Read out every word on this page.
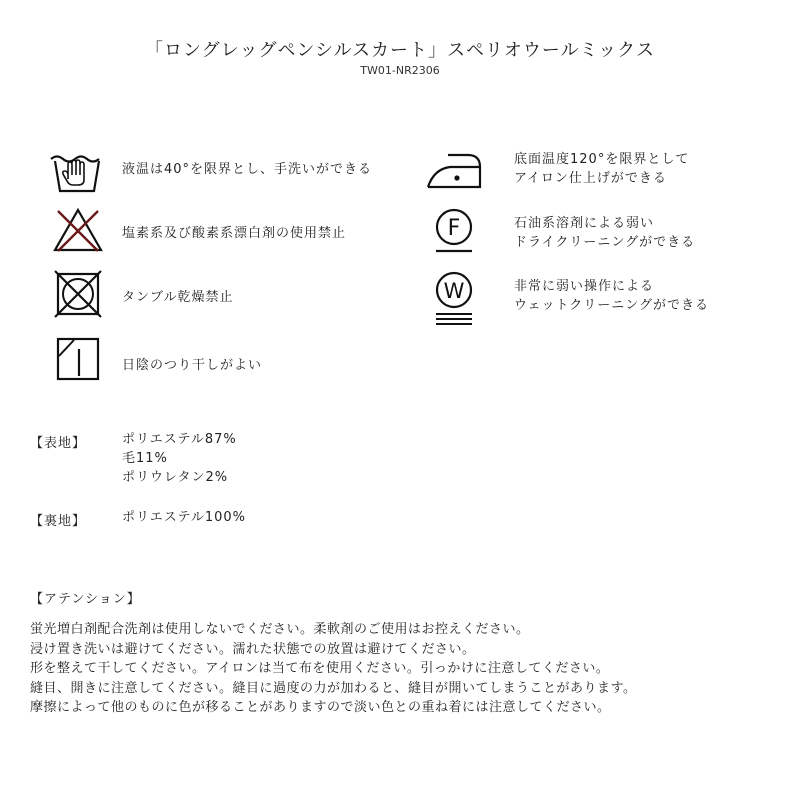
「ロングレッグペンシルスカート」スペリオウールミックス
TW01-NR2306
液温は40°を限界とし、手洗いができる
塩素系及び酸素系漂白剤の使用禁止
タンブル乾燥禁止
日陰のつり干しがよい
底面温度120°を限界として
アイロン仕上げができる
F	石油系溶剤による弱い
ドライクリーニングができる
W	非常に弱い操作による
ウェットクリーニングができる
【表地】	ポリエステル87%
毛11%
ポリウレタン2%
【裏地】	ポリエステル100%
【アテンション】
蛍光増白剤配合洗剤は使用しないでください。柔軟剤のご使用はお控えください。
浸け置き洗いは避けてください。濡れた状態での放置は避けてください。
形を整えて干してください。アイロンは当て布を使用ください。引っかけに注意してください。
縫目、開きに注意してください。縫目に過度の力が加わると、縫目が開いてしまうことがあります。
摩擦によって他のものに色が移ることがありますので淡い色との重ね着には注意してください。
